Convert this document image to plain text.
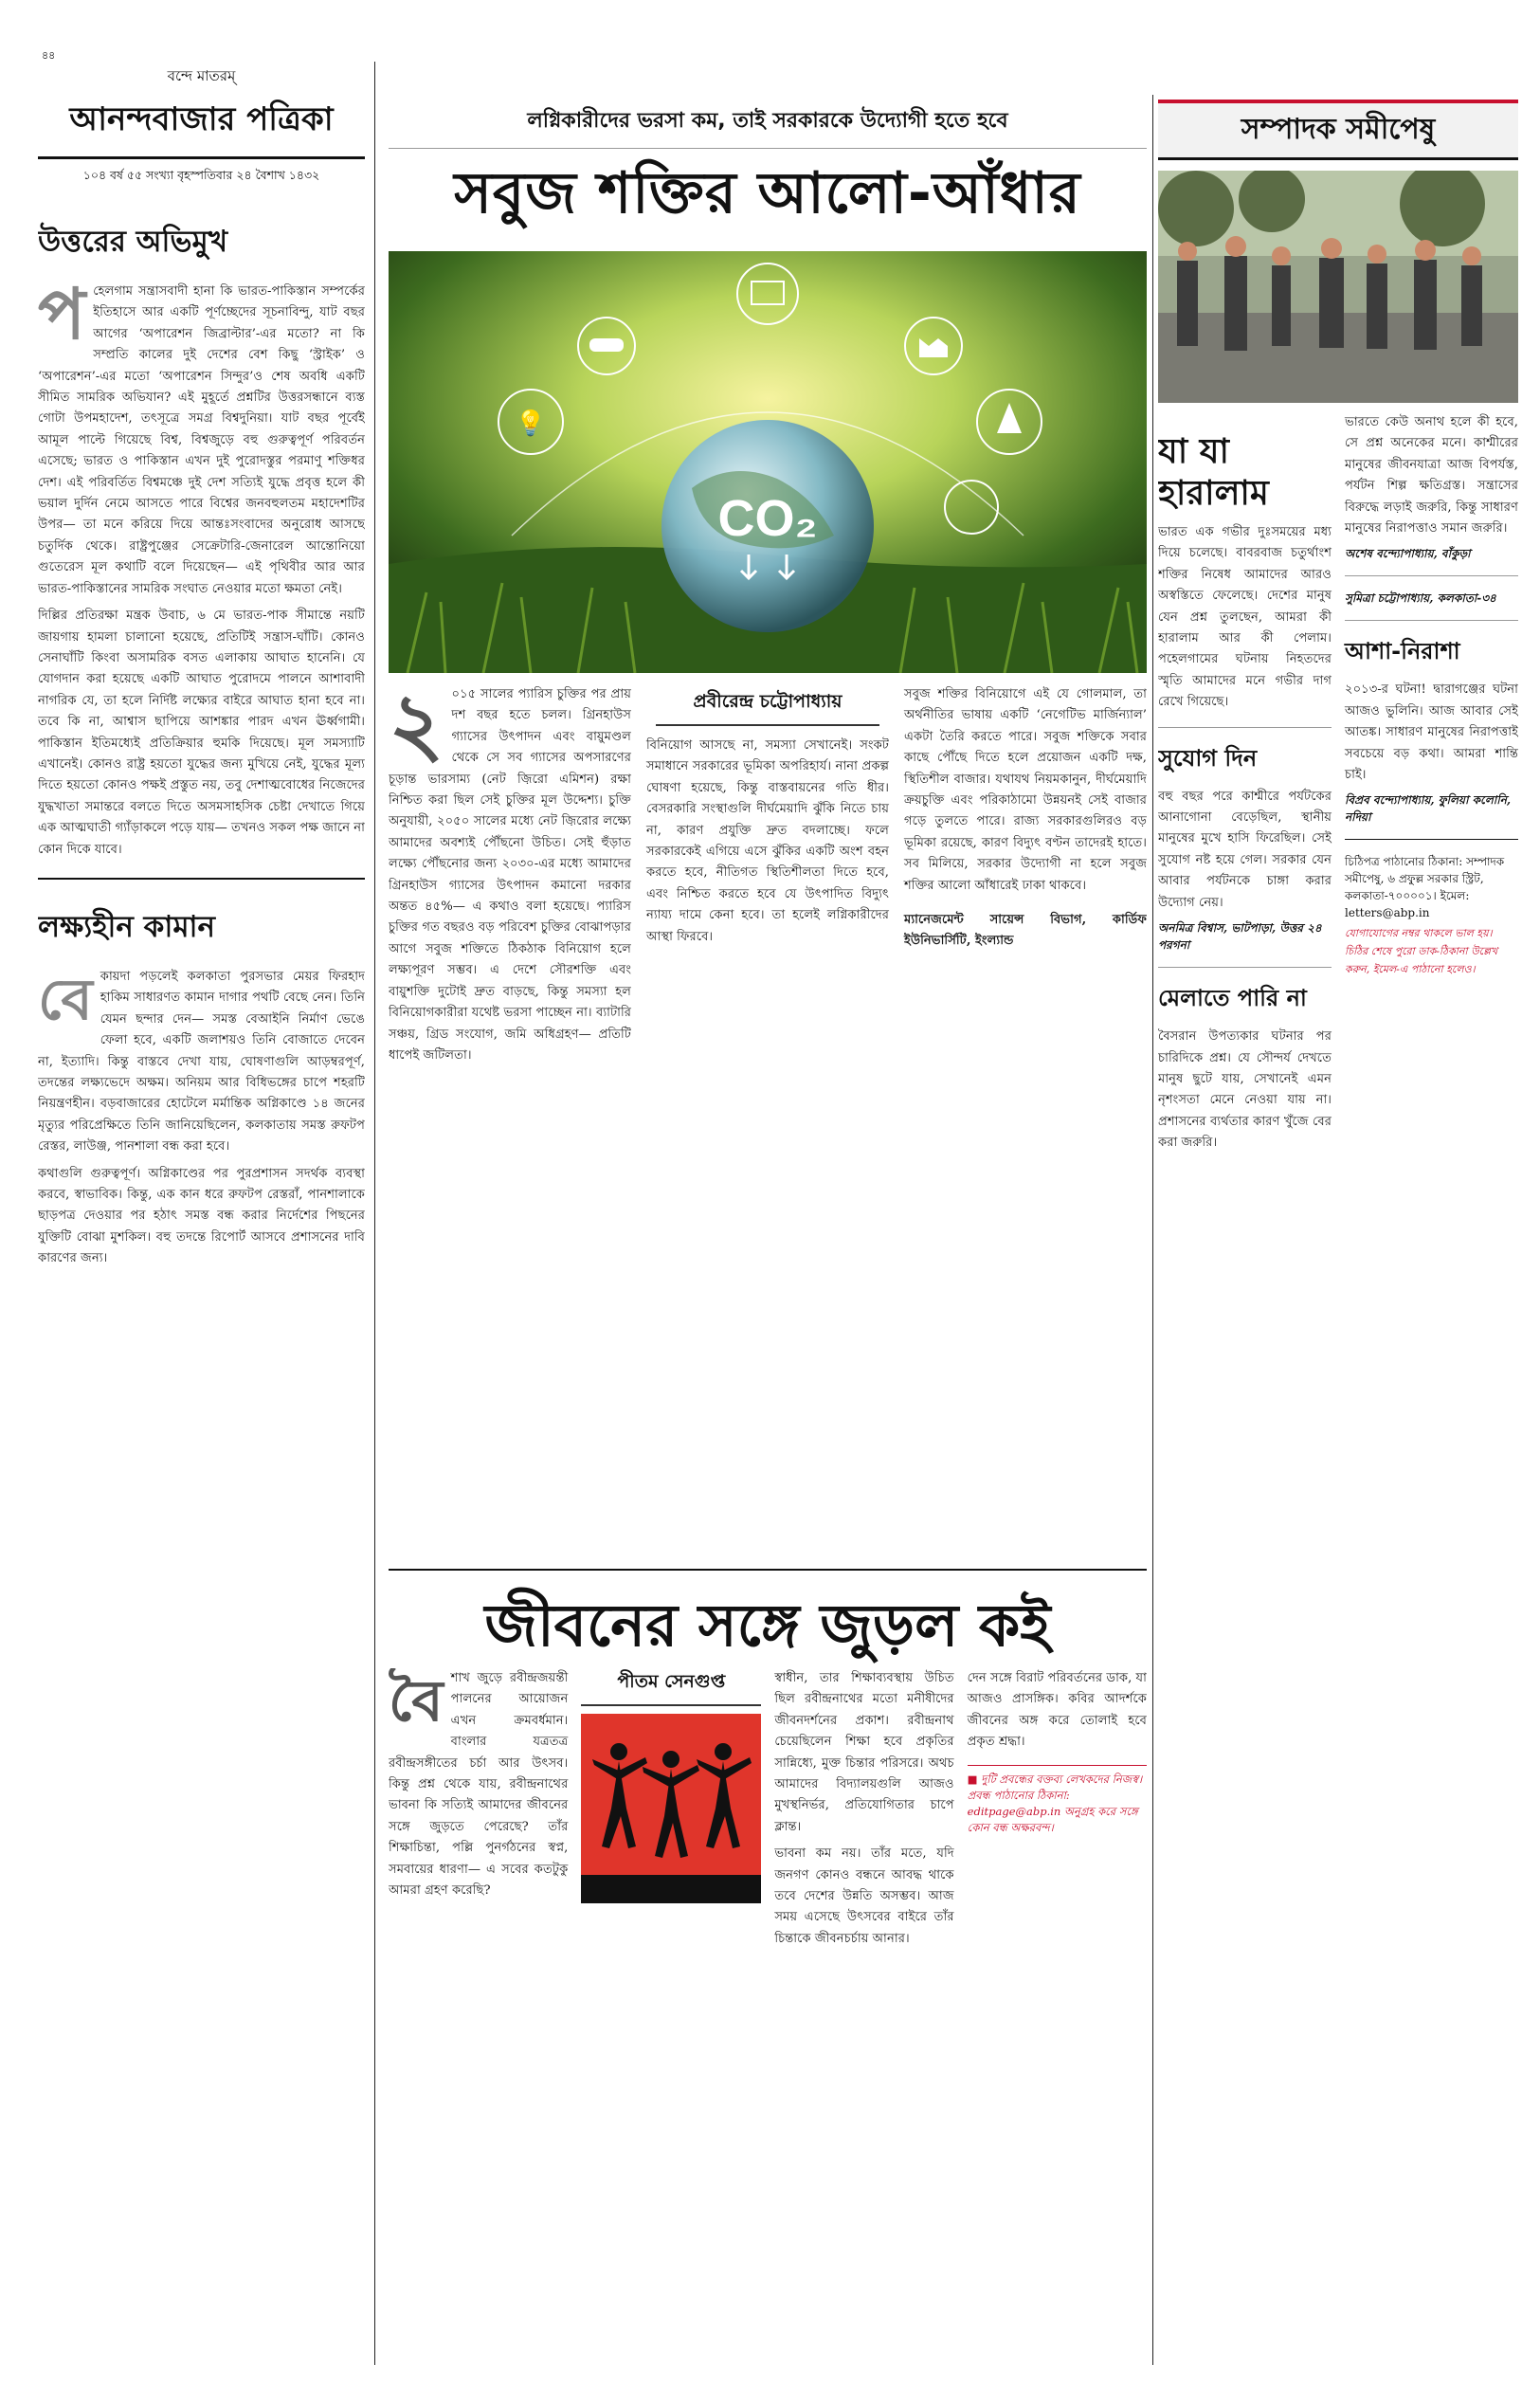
৪৪
বন্দে মাতরম্
আনন্দবাজার পত্রিকা
১০৪ বর্ষ ৫৫ সংখ্যা বৃহস্পতিবার ২৪ বৈশাখ ১৪৩২
উত্তরের অভিমুখ

পহেলগাম সন্ত্রাসবাদী হানা কি ভারত-পাকিস্তান সম্পর্কের ইতিহাসে আর একটি পূর্ণচ্ছেদের সূচনাবিন্দু, যাট বছর আগের ‘অপারেশন জিব্রাল্টার’-এর মতো? না কি সম্প্রতি কালের দুই দেশের বেশ কিছু ‘স্ট্রাইক’ ও ‘অপারেশন’-এর মতো ‘অপারেশন সিন্দুর’ও শেষ অবধি একটি সীমিত সামরিক অভিযান? এই মুহূর্তে প্রশ্নটির উত্তরসন্ধানে ব্যস্ত গোটা উপমহাদেশ, তৎসূত্রে সমগ্র বিশ্বদুনিয়া। যাট বছর পূর্বেই আমূল পাল্টে গিয়েছে বিশ্ব, বিশ্বজুড়ে বহু গুরুত্বপূর্ণ পরিবর্তন এসেছে; ভারত ও পাকিস্তান এখন দুই পুরোদস্তুর পরমাণু শক্তিধর দেশ। এই পরিবর্তিত বিশ্বমঞ্চে দুই দেশ সত্যিই যুদ্ধে প্রবৃত্ত হলে কী ভয়াল দুর্দিন নেমে আসতে পারে বিশ্বের জনবহুলতম মহাদেশটির উপর— তা মনে করিয়ে দিয়ে আন্তঃসংবাদের অনুরোধ আসছে চতুর্দিক থেকে। রাষ্ট্রপুঞ্জের সেক্রেটারি-জেনারেল আন্তোনিয়ো গুতেরেস মূল কথাটি বলে দিয়েছেন— এই পৃথিবীর আর আর ভারত-পাকিস্তানের সামরিক সংঘাত নেওয়ার মতো ক্ষমতা নেই।

দিল্লির প্রতিরক্ষা মন্ত্রক উবাচ, ৬ মে ভারত-পাক সীমান্তে নয়টি জায়গায় হামলা চালানো হয়েছে, প্রতিটিই সন্ত্রাস-ঘাঁটি। কোনও সেনাঘাঁটি কিংবা অসামরিক বসত এলাকায় আঘাত হানেনি। যে যোগদান করা হয়েছে একটি আঘাত পুরোদমে পালনে আশাবাদী নাগরিক যে, তা হলে নির্দিষ্ট লক্ষ্যের বাইরে আঘাত হানা হবে না। তবে কি না, আশ্বাস ছাপিয়ে আশঙ্কার পারদ এখন ঊর্ধ্বগামী। পাকিস্তান ইতিমধ্যেই প্রতিক্রিয়ার হুমকি দিয়েছে। মূল সমস্যাটি এখানেই। কোনও রাষ্ট্র হয়তো যুদ্ধের জন্য মুখিয়ে নেই, যুদ্ধের মূল্য দিতে হয়তো কোনও পক্ষই প্রস্তুত নয়, তবু দেশাত্মবোধের নিজেদের যুদ্ধখাতা সমান্তরে বলতে দিতে অসমসাহসিক চেষ্টা দেখাতে গিয়ে এক আত্মঘাতী গ্যাঁড়াকলে পড়ে যায়— তখনও সকল পক্ষ জানে না কোন দিকে যাবে।

লক্ষ্যহীন কামান

বেকায়দা পড়লেই কলকাতা পুরসভার মেয়র ফিরহাদ হাকিম সাধারণত কামান দাগার পথটি বেছে নেন। তিনি যেমন ছন্দার দেন— সমস্ত বেআইনি নির্মাণ ভেঙে ফেলা হবে, একটি জলাশয়ও তিনি বোজাতে দেবেন না, ইত্যাদি। কিন্তু বাস্তবে দেখা যায়, ঘোষণাগুলি আড়ম্বরপূর্ণ, তদন্তের লক্ষ্যভেদে অক্ষম। অনিয়ম আর বিধিভঙ্গের চাপে শহরটি নিয়ন্ত্রণহীন। বড়বাজারের হোটেলে মর্মান্তিক অগ্নিকাণ্ডে ১৪ জনের মৃত্যুর পরিপ্রেক্ষিতে তিনি জানিয়েছিলেন, কলকাতায় সমস্ত রুফটপ রেস্তর, লাউঞ্জ, পানশালা বন্ধ করা হবে।

কথাগুলি গুরুত্বপূর্ণ। অগ্নিকাণ্ডের পর পুরপ্রশাসন সদর্থক ব্যবস্থা করবে, স্বাভাবিক। কিন্তু, এক কান ধরে রুফটপ রেস্তরাঁ, পানশালাকে ছাড়পত্র দেওয়ার পর হঠাৎ সমস্ত বন্ধ করার নির্দেশের পিছনের যুক্তিটি বোঝা মুশকিল। বহু তদন্তে রিপোর্ট আসবে প্রশাসনের দাবি কারণের জন্য।

লগ্নিকারীদের ভরসা কম, তাই সরকারকে উদ্যোগী হতে হবে
সবুজ শক্তির আলো-আঁধার
💡
CO₂

২ ০১৫ সালের প্যারিস চুক্তির পর প্রায় দশ বছর হতে চলল। গ্রিনহাউস গ্যাসের উৎপাদন এবং বায়ুমণ্ডল থেকে সে সব গ্যাসের অপসারণের চূড়ান্ত ভারসাম্য (নেট জ়িরো এমিশন) রক্ষা নিশ্চিত করা ছিল সেই চুক্তির মূল উদ্দেশ্য। চুক্তি অনুযায়ী, ২০৫০ সালের মধ্যে নেট জ়িরোর লক্ষ্যে আমাদের অবশ্যই পৌঁছনো উচিত। সেই হুঁড়াত লক্ষ্যে পৌঁছনোর জন্য ২০৩০-এর মধ্যে আমাদের গ্রিনহাউস গ্যাসের উৎপাদন কমানো দরকার অন্তত ৪৫%— এ কথাও বলা হয়েছে। প্যারিস চুক্তির গত বছরও বড় পরিবেশ চুক্তির বোঝাপড়ার আগে সবুজ শক্তিতে ঠিকঠাক বিনিয়োগ হলে লক্ষ্যপূরণ সম্ভব। এ দেশে সৌরশক্তি এবং বায়ুশক্তি দুটোই দ্রুত বাড়ছে, কিন্তু সমস্যা হল বিনিয়োগকারীরা যথেষ্ট ভরসা পাচ্ছেন না। ব্যাটারি সঞ্চয়, গ্রিড সংযোগ, জমি অধিগ্রহণ— প্রতিটি ধাপেই জটিলতা।

প্রবীরেন্দ্র চট্টোপাধ্যায়

বিনিয়োগ আসছে না, সমস্যা সেখানেই। সংকট সমাধানে সরকারের ভূমিকা অপরিহার্য। নানা প্রকল্প ঘোষণা হয়েছে, কিন্তু বাস্তবায়নের গতি ধীর। বেসরকারি সংস্থাগুলি দীর্ঘমেয়াদি ঝুঁকি নিতে চায় না, কারণ প্রযুক্তি দ্রুত বদলাচ্ছে। ফলে সরকারকেই এগিয়ে এসে ঝুঁকির একটি অংশ বহন করতে হবে, নীতিগত স্থিতিশীলতা দিতে হবে, এবং নিশ্চিত করতে হবে যে উৎপাদিত বিদ্যুৎ ন্যায্য দামে কেনা হবে। তা হলেই লগ্নিকারীদের আস্থা ফিরবে।

সবুজ শক্তির বিনিয়োগে এই যে গোলমাল, তা অর্থনীতির ভাষায় একটি ‘নেগেটিভ মার্জিন্যাল’ একটা তৈরি করতে পারে। সবুজ শক্তিকে সবার কাছে পৌঁছে দিতে হলে প্রয়োজন একটি দক্ষ, স্থিতিশীল বাজার। যথাযথ নিয়মকানুন, দীর্ঘমেয়াদি ক্রয়চুক্তি এবং পরিকাঠামো উন্নয়নই সেই বাজার গড়ে তুলতে পারে। রাজ্য সরকারগুলিরও বড় ভূমিকা রয়েছে, কারণ বিদ্যুৎ বণ্টন তাদেরই হাতে। সব মিলিয়ে, সরকার উদ্যোগী না হলে সবুজ শক্তির আলো আঁধারেই ঢাকা থাকবে।

ম্যানেজমেন্ট সায়েন্স বিভাগ, কার্ডিফ ইউনিভার্সিটি, ইংল্যান্ড

জীবনের সঙ্গে জুড়ল কই

বৈশাখ জুড়ে রবীন্দ্রজয়ন্তী পালনের আয়োজন এখন ক্রমবর্ধমান। বাংলার যত্রতত্র রবীন্দ্রসঙ্গীতের চর্চা আর উৎসব। কিন্তু প্রশ্ন থেকে যায়, রবীন্দ্রনাথের ভাবনা কি সত্যিই আমাদের জীবনের সঙ্গে জুড়তে পেরেছে? তাঁর শিক্ষাচিন্তা, পল্লি পুনর্গঠনের স্বপ্ন, সমবায়ের ধারণা— এ সবের কতটুকু আমরা গ্রহণ করেছি?

পীতম সেনগুপ্ত	স্বাধীন, তার শিক্ষাব্যবস্থায় উচিত ছিল রবীন্দ্রনাথের মতো মনীষীদের জীবনদর্শনের প্রকাশ। রবীন্দ্রনাথ চেয়েছিলেন শিক্ষা হবে প্রকৃতির সান্নিধ্যে, মুক্ত চিন্তার পরিসরে। অথচ আমাদের বিদ্যালয়গুলি আজও মুখস্থনির্ভর, প্রতিযোগিতার চাপে ক্লান্ত।

ভাবনা কম নয়। তাঁর মতে, যদি জনগণ কোনও বন্ধনে আবদ্ধ থাকে তবে দেশের উন্নতি অসম্ভব। আজ সময় এসেছে উৎসবের বাইরে তাঁর চিন্তাকে জীবনচর্চায় আনার।

দেন সঙ্গে বিরাট পরিবর্তনের ডাক, যা আজও প্রাসঙ্গিক। কবির আদর্শকে জীবনের অঙ্গ করে তোলাই হবে প্রকৃত শ্রদ্ধা।

■ দুটি প্রবন্ধের বক্তব্য লেখকদের নিজস্ব। প্রবন্ধ পাঠানোর ঠিকানা: editpage@abp.in অনুগ্রহ করে সঙ্গে কোন বন্ধ অক্ষরবন্দ।
সম্পাদক সমীপেষু
যা যা হারালাম

ভারত এক গভীর দুঃসময়ের মধ্য দিয়ে চলেছে। বাবরবাজ চতুর্থাংশ শক্তির নিষেধ আমাদের আরও অস্বস্তিতে ফেলেছে। দেশের মানুষ যেন প্রশ্ন তুলছেন, আমরা কী হারালাম আর কী পেলাম। পহেলগামের ঘটনায় নিহতদের স্মৃতি আমাদের মনে গভীর দাগ রেখে গিয়েছে।

সুযোগ দিন

বহু বছর পরে কাশ্মীরে পর্যটকের আনাগোনা বেড়েছিল, স্থানীয় মানুষের মুখে হাসি ফিরেছিল। সেই সুযোগ নষ্ট হয়ে গেল। সরকার যেন আবার পর্যটনকে চাঙ্গা করার উদ্যোগ নেয়।

অনমিত্র বিশ্বাস, ভাটপাড়া, উত্তর ২৪ পরগনা
মেলাতে পারি না

বৈসরান উপত্যকার ঘটনার পর চারিদিকে প্রশ্ন। যে সৌন্দর্য দেখতে মানুষ ছুটে যায়, সেখানেই এমন নৃশংসতা মেনে নেওয়া যায় না। প্রশাসনের ব্যর্থতার কারণ খুঁজে বের করা জরুরি।

ভারতে কেউ অনাথ হলে কী হবে, সে প্রশ্ন অনেকের মনে। কাশ্মীরের মানুষের জীবনযাত্রা আজ বিপর্যস্ত, পর্যটন শিল্প ক্ষতিগ্রস্ত। সন্ত্রাসের বিরুদ্ধে লড়াই জরুরি, কিন্তু সাধারণ মানুষের নিরাপত্তাও সমান জরুরি।

অশেষ বন্দ্যোপাধ্যায়, বাঁকুড়া
সুমিত্রা চট্টোপাধ্যায়, কলকাতা-৩৪
আশা-নিরাশা

২০১৩-র ঘটনা! দ্বারাগঞ্জের ঘটনা আজও ভুলিনি। আজ আবার সেই আতঙ্ক। সাধারণ মানুষের নিরাপত্তাই সবচেয়ে বড় কথা। আমরা শান্তি চাই।

বিপ্রব বন্দ্যোপাধ্যায়, ফুলিয়া কলোনি, নদিয়া
চিঠিপত্র পাঠানোর ঠিকানা: সম্পাদক সমীপেষু, ৬ প্রফুল্ল সরকার স্ট্রিট, কলকাতা-৭০০০০১। ইমেল: letters@abp.in
যোগাযোগের নম্বর থাকলে ভাল হয়। চিঠির শেষে পুরো ডাক-ঠিকানা উল্লেখ করুন, ইমেল-এ পাঠানো হলেও।
